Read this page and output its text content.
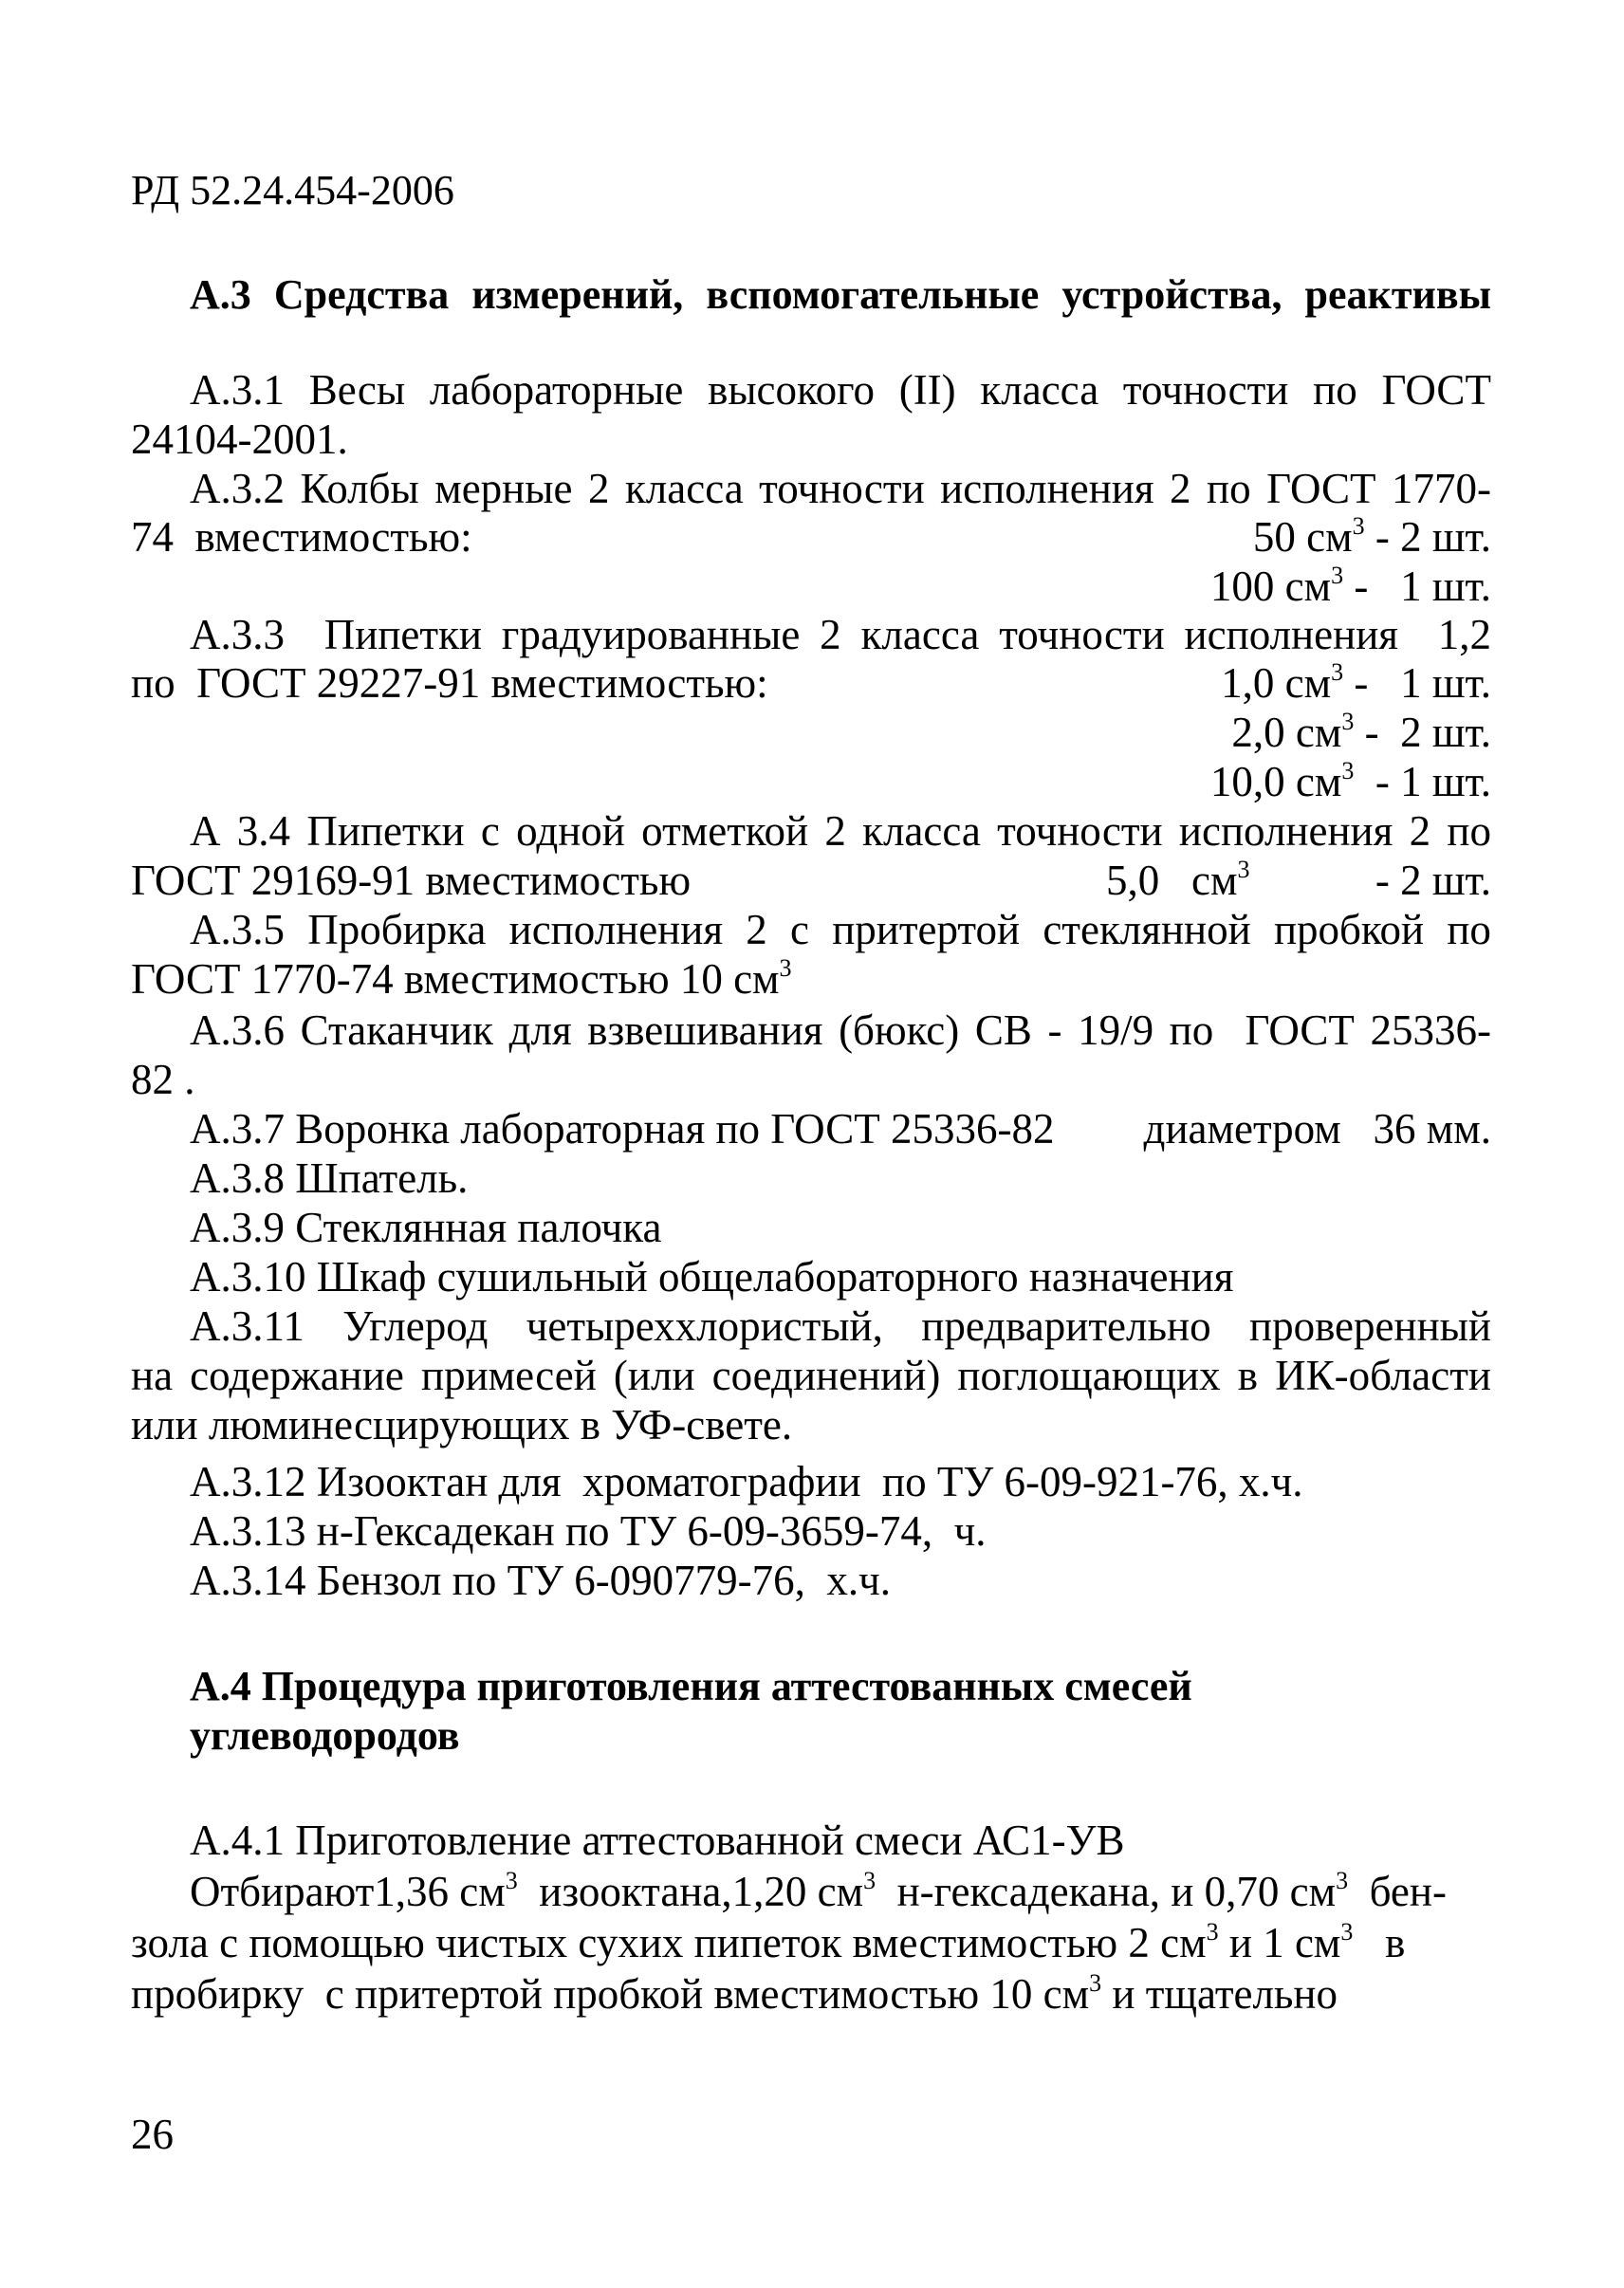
РД 52.24.454-2006

А.3 Средства измерений, вспомогательные устройства, реактивы

А.3.1 Весы лабораторные высокого (II) класса точности по ГОСТ

24104-2001.

А.3.2 Колбы мерные 2 класса точности исполнения 2 по ГОСТ 1770-

74  вместимостью:

	50 $см^3 - 2$ шт.

100 $см^3 - 1$ шт.

А.3.3  Пипетки градуированные 2 класса точности исполнения  1,2

по  ГОСТ 29227-91 вместимостью:

	1,0 $см^3 - 1$ шт.

2,0 $см^3 - 2$ шт.

10,0 $см^3 - 1$ шт.

А 3.4 Пипетки с одной отметкой 2 класса точности исполнения 2 по

ГОСТ 29169-91 вместимостью

	5,0   $см^3$

	- 2 шт.

А.3.5 Пробирка исполнения 2 с притертой стеклянной пробкой по

ГОСТ 1770-74 вместимостью 10 $см^3$

А.3.6 Стаканчик для взвешивания (бюкс) СВ - 19/9 по  ГОСТ 25336-

82 .

А.3.7 Воронка лабораторная по ГОСТ 25336-82

диаметром   36 мм.

А.3.8 Шпатель.

А.3.9 Стеклянная палочка

А.3.10 Шкаф сушильный общелабораторного назначения

А.3.11 Углерод четыреххлористый, предварительно проверенный

на содержание примесей (или соединений) поглощающих в ИК-области

или люминесцирующих в УФ-свете.

А.3.12 Изооктан для  хроматографии  по ТУ 6-09-921-76, х.ч.

А.3.13 н-Гексадекан по ТУ 6-09-3659-74,  ч.

А.3.14 Бензол по ТУ 6-090779-76,  х.ч.

А.4 Процедура приготовления аттестованных смесей

углеводородов

А.4.1 Приготовление аттестованной смеси АС1-УВ

Отбирают1,36 $см^3$  изооктана,1,20 $см^3$  н-гексадекана, и 0,70 $см^3$  бен-

зола с помощью чистых сухих пипеток вместимостью 2 $см^3$ и 1 $см^3$   в

пробирку  с притертой пробкой вместимостью 10 $см^3$ и тщательно

26
